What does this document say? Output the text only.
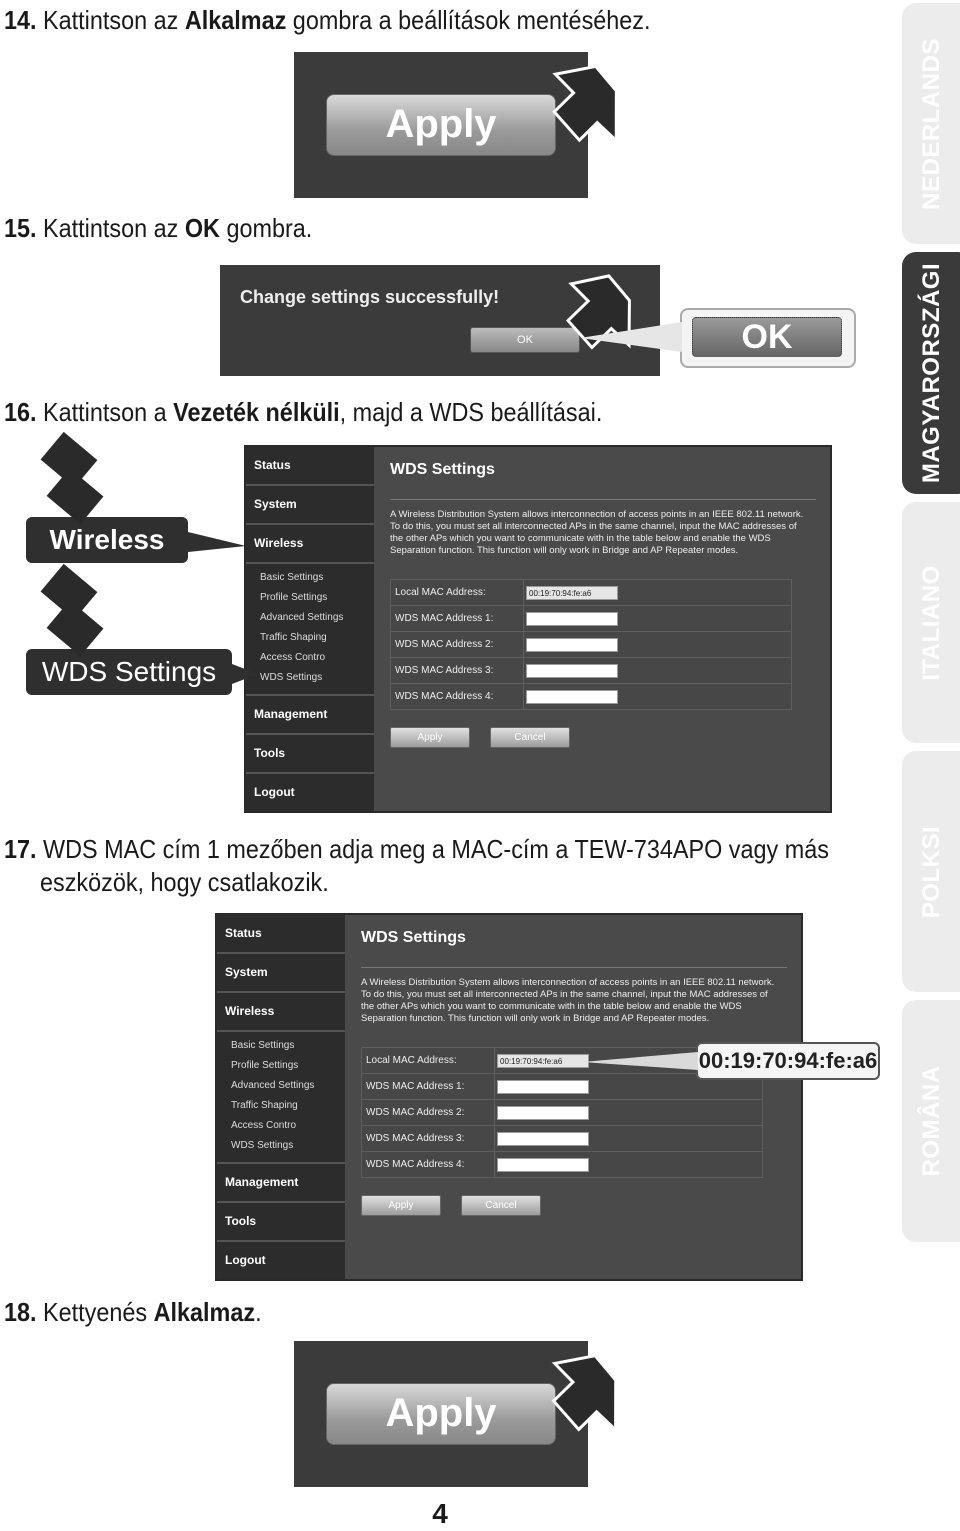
14. Kattintson az Alkalmaz gombra a beállítások mentéséhez.
Apply
15. Kattintson az OK gombra.
Change settings successfully!
OK	OK
16. Kattintson a Vezeték nélküli, majd a WDS beállításai.
Status
System
Wireless
Basic Settings
Profile Settings
Advanced Settings
Traffic Shaping
Access Contro
WDS Settings
Management
Tools
Logout
WDS Settings
A Wireless Distribution System allows interconnection of access points in an IEEE 802.11 network. To do this, you must set all interconnected APs in the same channel, input the MAC addresses of the other APs which you want to communicate with in the table below and enable the WDS Separation function. This function will only work in Bridge and AP Repeater modes.
Local MAC Address:	00:19:70:94:fe:a6
WDS MAC Address 1:
WDS MAC Address 2:
WDS MAC Address 3:
WDS MAC Address 4:
Apply	Cancel
Wireless
WDS Settings
17. WDS MAC cím 1 mezőben adja meg a MAC-cím a TEW-734APO vagy más
eszközök, hogy csatlakozik.
Status
System
Wireless
Basic Settings
Profile Settings
Advanced Settings
Traffic Shaping
Access Contro
WDS Settings
Management
Tools
Logout
WDS Settings
A Wireless Distribution System allows interconnection of access points in an IEEE 802.11 network. To do this, you must set all interconnected APs in the same channel, input the MAC addresses of the other APs which you want to communicate with in the table below and enable the WDS Separation function. This function will only work in Bridge and AP Repeater modes.
Local MAC Address:	00:19:70:94:fe:a6
WDS MAC Address 1:
WDS MAC Address 2:
WDS MAC Address 3:
WDS MAC Address 4:
Apply	Cancel
00:19:70:94:fe:a6
18. Kettyenés Alkalmaz.
Apply
NEDERLANDS
MAGYARORSZÁGI
ITALIANO
POLKSI
ROMÂNA
4
